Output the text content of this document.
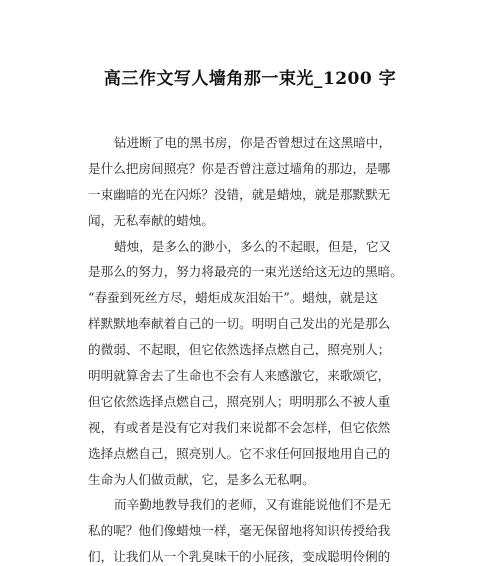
高三作文写人墙角那一束光_1200 字
钻进断了电的黑书房，你是否曾想过在这黑暗中，
是什么把房间照亮？你是否曾注意过墙角的那边，是哪
一束幽暗的光在闪烁？没错，就是蜡烛，就是那默默无
闻，无私奉献的蜡烛。
蜡烛，是多么的渺小，多么的不起眼，但是，它又
是那么的努力，努力将最亮的一束光送给这无边的黑暗。
“春蚕到死丝方尽，蜡炬成灰泪始干”。蜡烛，就是这
样默默地奉献着自己的一切。明明自己发出的光是那么
的微弱、不起眼，但它依然选择点燃自己，照亮别人；
明明就算舍去了生命也不会有人来感激它，来歌颂它，
但它依然选择点燃自己，照亮别人；明明那么不被人重
视，有或者是没有它对我们来说都不会怎样，但它依然
选择点燃自己，照亮别人。它不求任何回报地用自己的
生命为人们做贡献，它，是多么无私啊。
而辛勤地教导我们的老师，又有谁能说他们不是无
私的呢？他们像蜡烛一样，毫无保留地将知识传授给我
们，让我们从一个乳臭味干的小屁孩，变成聪明伶俐的
